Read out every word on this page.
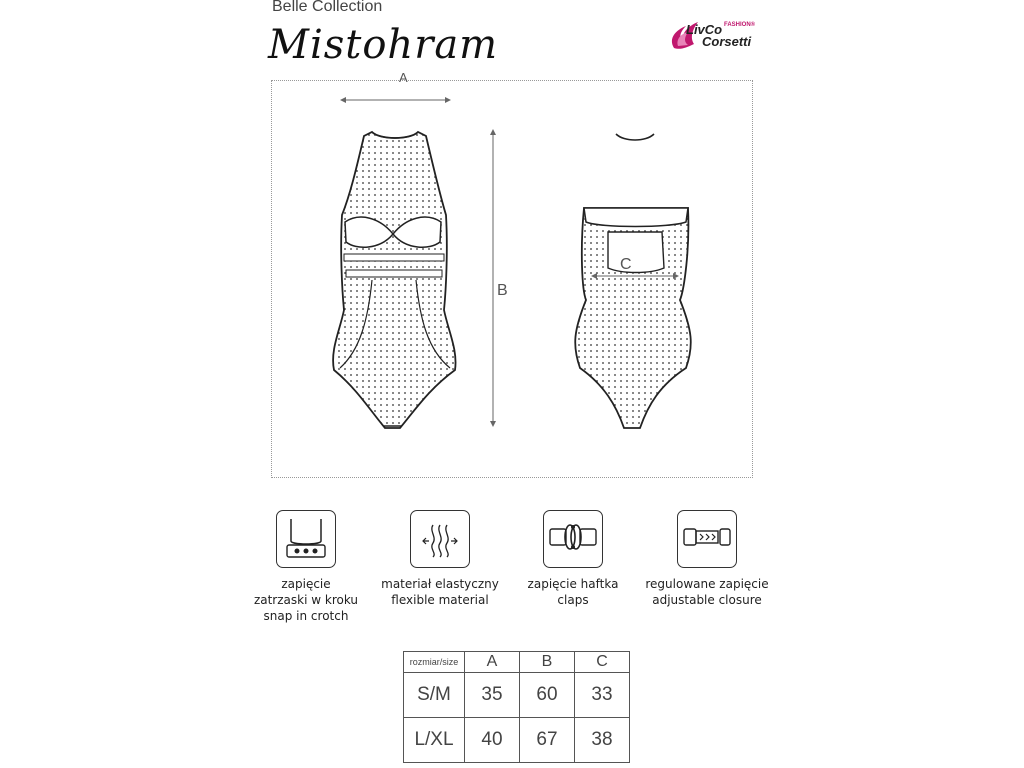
Belle Collection
Mistohram	LivCo FASHION®
Corsetti
A
B
C
zapięcie
zatrzaski w kroku
snap in crotch
materiał elastyczny
flexible material
zapięcie haftka
claps
regulowane zapięcie
adjustable closure
rozmiar/size	A	B	C
S/M	35	60	33
L/XL	40	67	38
